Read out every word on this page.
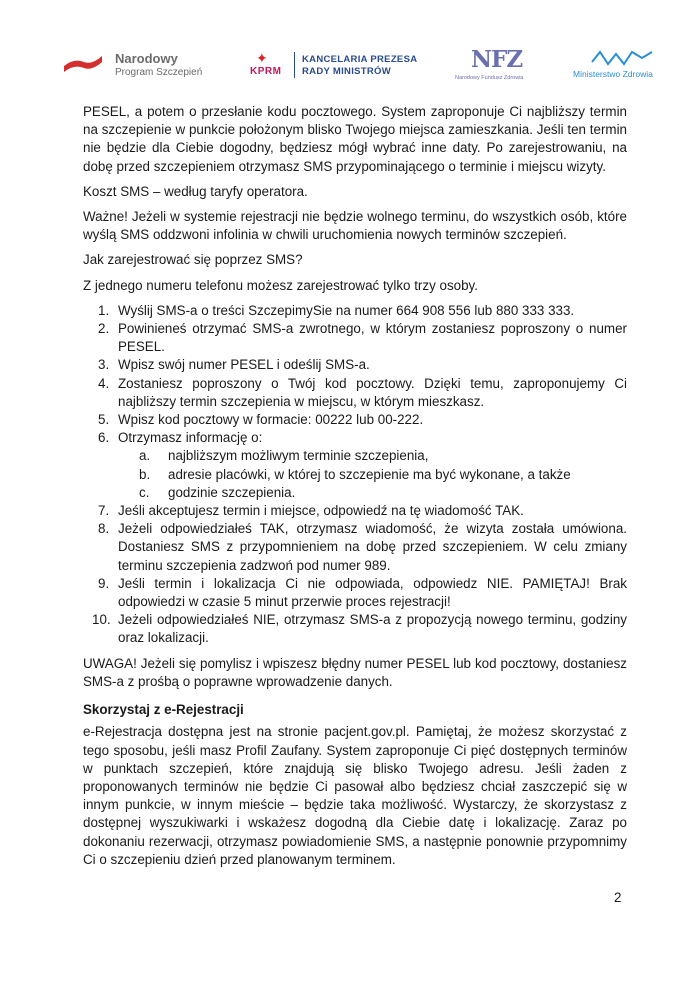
Narodowy
Program Szczepień
✦
KPRM
KANCELARIA PREZESA
RADY MINISTRÓW	NFZ
Narodowy Fundusz Zdrowia	Ministerstwo Zdrowia

PESEL, a potem o przesłanie kodu pocztowego. System zaproponuje Ci najbliższy termin na szczepienie w punkcie położonym blisko Twojego miejsca zamieszkania. Jeśli ten termin nie będzie dla Ciebie dogodny, będziesz mógł wybrać inne daty. Po zarejestrowaniu, na dobę przed szczepieniem otrzymasz SMS przypominającego o terminie i miejscu wizyty.

Koszt SMS – według taryfy operatora.

Ważne! Jeżeli w systemie rejestracji nie będzie wolnego terminu, do wszystkich osób, które wyślą SMS oddzwoni infolinia w chwili uruchomienia nowych terminów szczepień.

Jak zarejestrować się poprzez SMS?

Z jednego numeru telefonu możesz zarejestrować tylko trzy osoby.

1. Wyślij SMS-a o treści SzczepimySie na numer 664 908 556 lub 880 333 333.
2. Powinieneś otrzymać SMS-a zwrotnego, w którym zostaniesz poproszony o numer PESEL.
3. Wpisz swój numer PESEL i odeślij SMS-a.
4. Zostaniesz poproszony o Twój kod pocztowy. Dzięki temu, zaproponujemy Ci najbliższy termin szczepienia w miejscu, w którym mieszkasz.
5. Wpisz kod pocztowy w formacie: 00222 lub 00-222.
6. Otrzymasz informację o:
a. najbliższym możliwym terminie szczepienia,
b. adresie placówki, w której to szczepienie ma być wykonane, a także
c. godzinie szczepienia.
7. Jeśli akceptujesz termin i miejsce, odpowiedź na tę wiadomość TAK.
8. Jeżeli odpowiedziałeś TAK, otrzymasz wiadomość, że wizyta została umówiona. Dostaniesz SMS z przypomnieniem na dobę przed szczepieniem. W celu zmiany terminu szczepienia zadzwoń pod numer 989.
9. Jeśli termin i lokalizacja Ci nie odpowiada, odpowiedz NIE. PAMIĘTAJ! Brak odpowiedzi w czasie 5 minut przerwie proces rejestracji!
10. Jeżeli odpowiedziałeś NIE, otrzymasz SMS-a z propozycją nowego terminu, godziny oraz lokalizacji.

UWAGA! Jeżeli się pomylisz i wpiszesz błędny numer PESEL lub kod pocztowy, dostaniesz SMS-a z prośbą o poprawne wprowadzenie danych.

Skorzystaj z e-Rejestracji

e-Rejestracja dostępna jest na stronie pacjent.gov.pl. Pamiętaj, że możesz skorzystać z tego sposobu, jeśli masz Profil Zaufany. System zaproponuje Ci pięć dostępnych terminów w punktach szczepień, które znajdują się blisko Twojego adresu. Jeśli żaden z proponowanych terminów nie będzie Ci pasował albo będziesz chciał zaszczepić się w innym punkcie, w innym mieście – będzie taka możliwość. Wystarczy, że skorzystasz z dostępnej wyszukiwarki i wskażesz dogodną dla Ciebie datę i lokalizację. Zaraz po dokonaniu rezerwacji, otrzymasz powiadomienie SMS, a następnie ponownie przypomnimy Ci o szczepieniu dzień przed planowanym terminem.

2
